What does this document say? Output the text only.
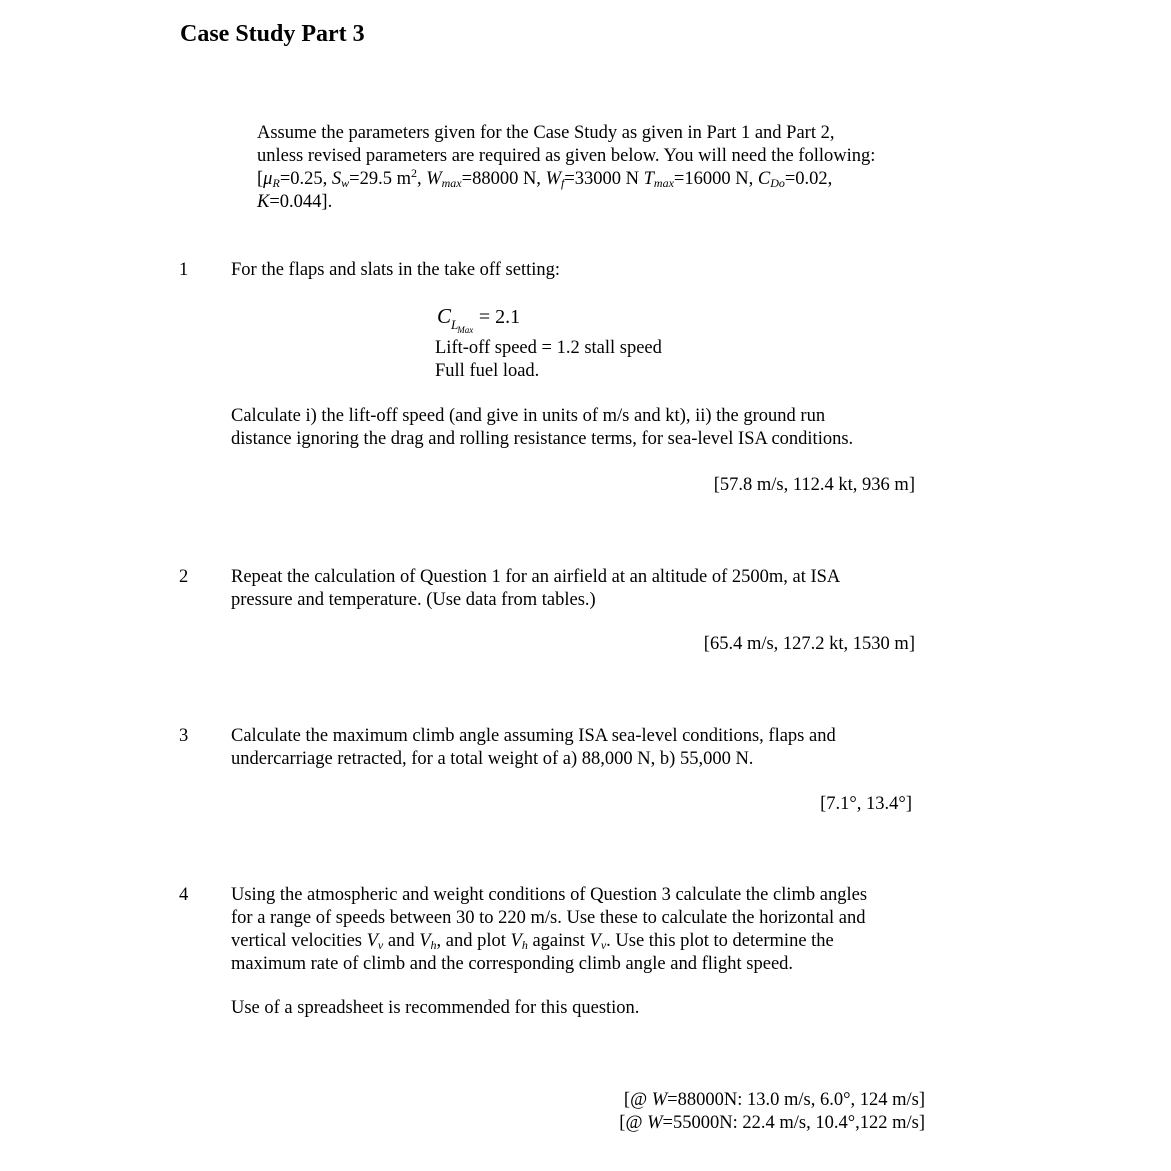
Case Study Part 3
Assume the parameters given for the Case Study as given in Part 1 and Part 2,
unless revised parameters are required as given below. You will need the following:
[$\mu_R=0.25$, $S_w=29.5$ $m^2$, $W_{max}=88000$ N, $W_f=33000$ N $T_{max}=16000$ N, $C_{Do}=0.02$,
K=0.044].
1 For the flaps and slats in the take off setting:
$C_{LMax} = 2.1$
Lift-off speed = 1.2 stall speed
Full fuel load.
Calculate i) the lift-off speed (and give in units of m/s and kt), ii) the ground run
distance ignoring the drag and rolling resistance terms, for sea-level ISA conditions.
[57.8 m/s, 112.4 kt, 936 m]
2 Repeat the calculation of Question 1 for an airfield at an altitude of 2500m, at ISA
pressure and temperature. (Use data from tables.)
[65.4 m/s, 127.2 kt, 1530 m]
3 Calculate the maximum climb angle assuming ISA sea-level conditions, flaps and
undercarriage retracted, for a total weight of a) 88,000 N, b) 55,000 N.
[7.1°, 13.4°]
4 Using the atmospheric and weight conditions of Question 3 calculate the climb angles
for a range of speeds between 30 to 220 m/s. Use these to calculate the horizontal and
vertical velocities $V_v$ and $V_h$, and plot $V_h$ against $V_v$. Use this plot to determine the
maximum rate of climb and the corresponding climb angle and flight speed.
Use of a spreadsheet is recommended for this question.
[@ W=88000N: 13.0 m/s, 6.0°, 124 m/s]
[@ W=55000N: 22.4 m/s, 10.4°,122 m/s]
